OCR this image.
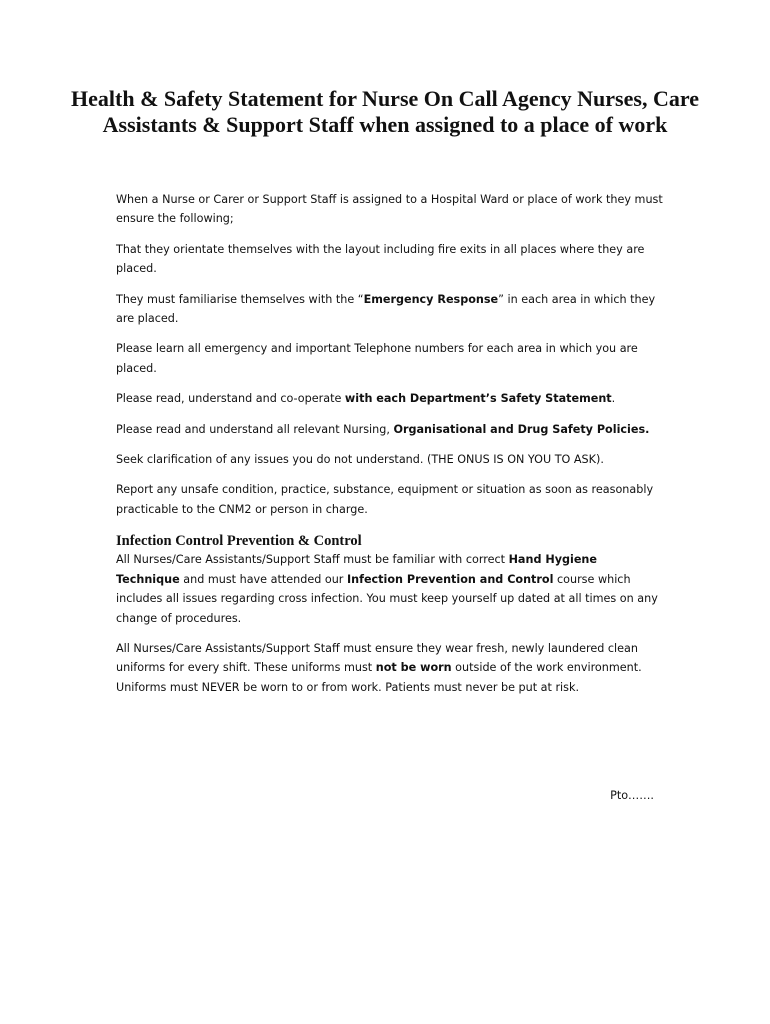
Health & Safety Statement for Nurse On Call Agency Nurses, Care Assistants & Support Staff when assigned to a place of work

When a Nurse or Carer or Support Staff is assigned to a Hospital Ward or place of work they must ensure the following;

That they orientate themselves with the layout including fire exits in all places where they are placed.

They must familiarise themselves with the “Emergency Response” in each area in which they are placed.

Please learn all emergency and important Telephone numbers for each area in which you are placed.

Please read, understand and co-operate with each Department’s Safety Statement.

Please read and understand all relevant Nursing, Organisational and Drug Safety Policies.

Seek clarification of any issues you do not understand. (THE ONUS IS ON YOU TO ASK).

Report any unsafe condition, practice, substance, equipment or situation as soon as reasonably practicable to the CNM2 or person in charge.

Infection Control Prevention & Control

All Nurses/Care Assistants/Support Staff must be familiar with correct Hand Hygiene Technique and must have attended our Infection Prevention and Control course which includes all issues regarding cross infection. You must keep yourself up dated at all times on any change of procedures.

All Nurses/Care Assistants/Support Staff must ensure they wear fresh, newly laundered clean uniforms for every shift. These uniforms must not be worn outside of the work environment. Uniforms must NEVER be worn to or from work. Patients must never be put at risk.

Pto…….
